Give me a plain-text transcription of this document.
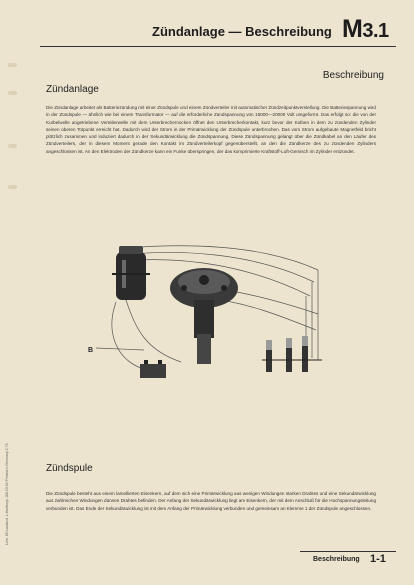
Zündanlage — Beschreibung M3.1
Beschreibung
Zündanlage

Die Zündanlage arbeitet als Batteriezündung mit einer Zündspule und einem Zündverteiler mit automatischer Zündzeitpunktverstellung. Die Batteriespannung wird in der Zündspule — ähnlich wie bei einem Transformator — auf die erforderliche Zündspannung von 15000—20000 Volt umgeformt. Das erfolgt so: die von der Kurbelwelle angetriebene Verteilerwelle mit dem Unterbrechernocken öffnet den Unterbrecherkontakt, kurz bevor der Kolben in dem zu zündenden Zylinder seinen oberen Totpunkt erreicht hat. Dadurch wird der Strom in der Primärwicklung der Zündspule unterbrochen. Das vom Strom aufgebaute Magnetfeld bricht plötzlich zusammen und induziert dadurch in der Sekundärwicklung die Zündspannung. Diese Zündspannung gelangt über die Zündkabel an den Läufer des Zündverteilers, der in diesem Moment gerade den Kontakt im Zündverteilerkopf gegenüberstellt, an den die Zündkerze des zu zündenden Zylinders angeschlossen ist. An den Elektroden der Zündkerze kann ein Funke überspringen, der das komprimierte Kraftstoff-Luft-Gemisch im Zylinder entzündet.

B
Zündspule

Die Zündspule besteht aus einem lamellierten Eisenkern, auf dem sich eine Primärwicklung aus wenigen Windungen starken Drahtes und eine Sekundärwicklung aus zahlreichen Windungen dünnen Drahtes befinden. Der Anfang der Sekundärwicklung liegt am Eisenkern, der mit dem Anschluß für die Hochspannungsleitung verbunden ist. Das Ende der Sekundärwicklung ist mit dem Anfang der Primärwicklung verbunden und gemeinsam an Klemme 1 der Zündspule angeschlossen.

Lehr. 88 Landwirt. L-Hartkopp 188.23.62 Printed in Germany 2.75
Beschreibung 1-1
